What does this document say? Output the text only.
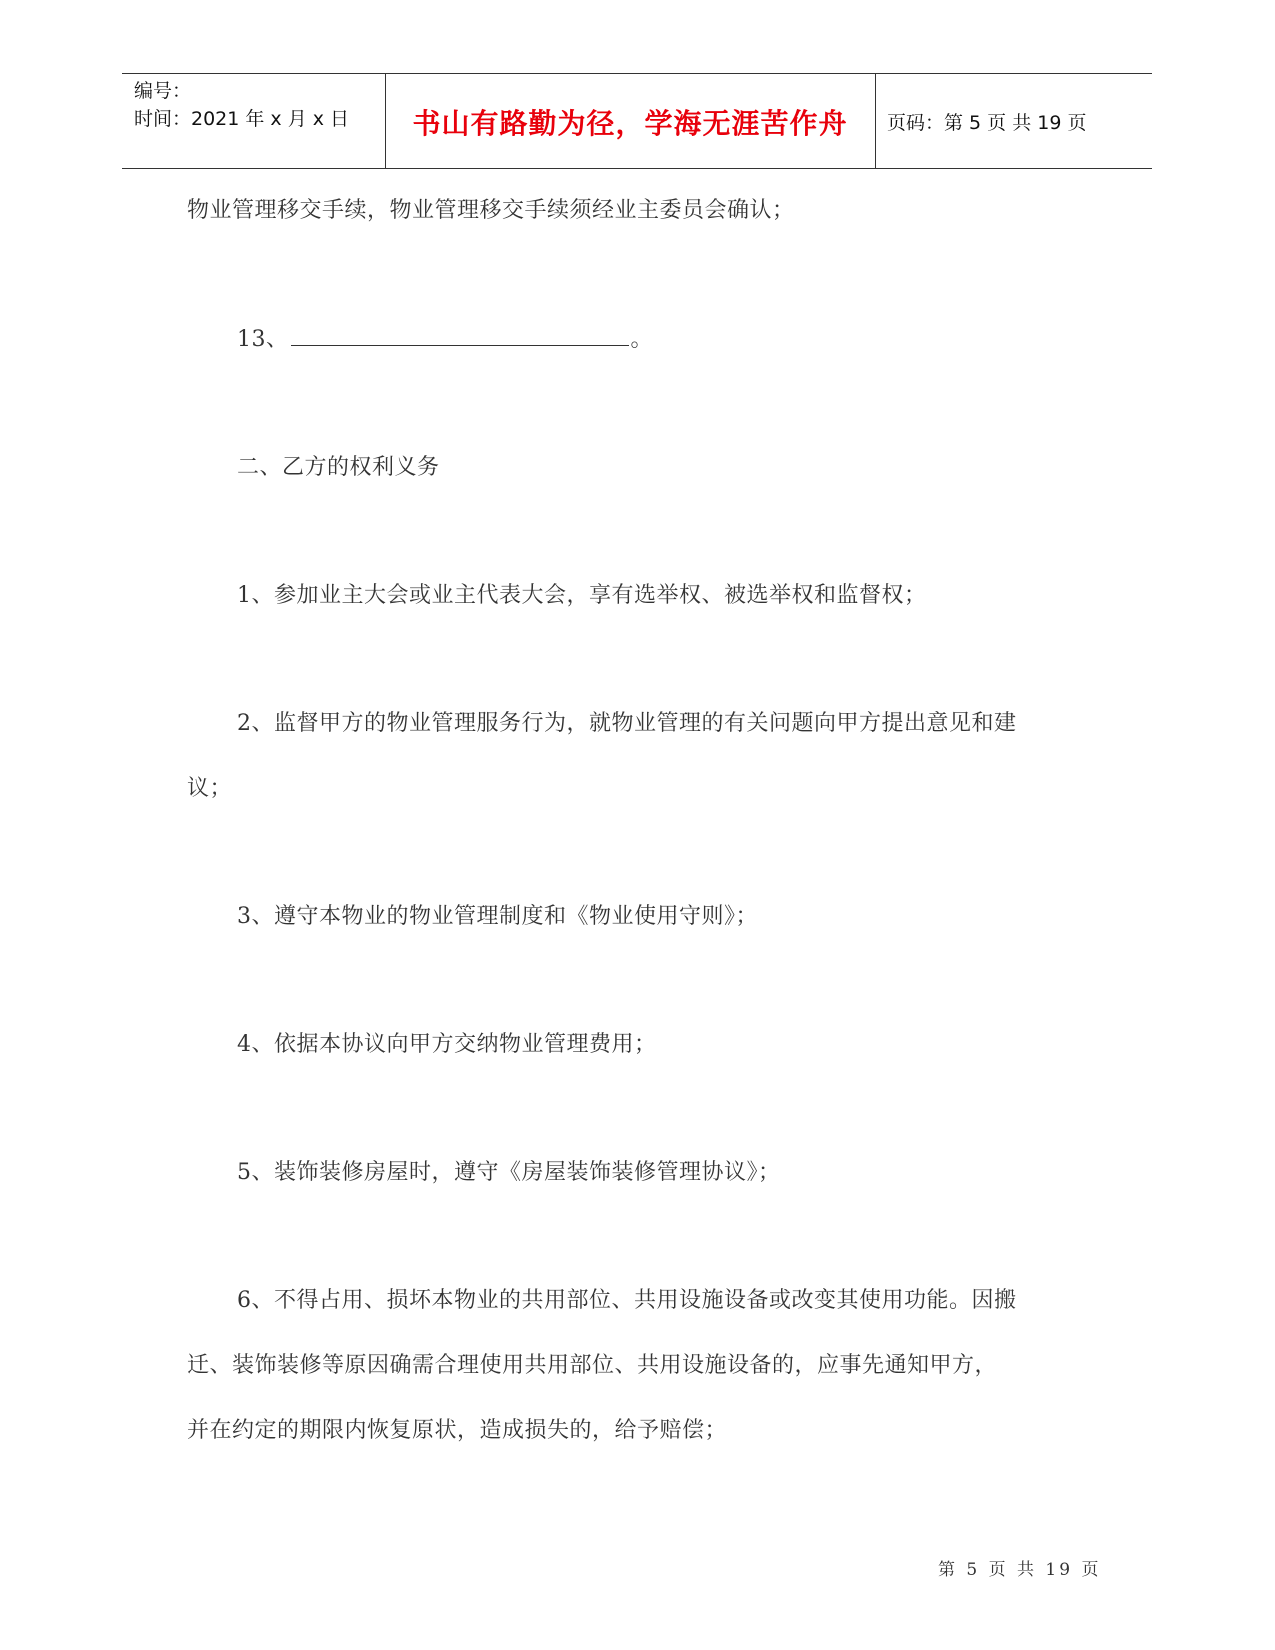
编号：
时间：2021 年 x 月 x 日	书山有路勤为径，学海无涯苦作舟	页码：第 5 页 共 19 页
物业管理移交手续，物业管理移交手续须经业主委员会确认；
13、	。
二、乙方的权利义务
1、参加业主大会或业主代表大会，享有选举权、被选举权和监督权；
2、监督甲方的物业管理服务行为，就物业管理的有关问题向甲方提出意见和建
议；
3、遵守本物业的物业管理制度和《物业使用守则》；
4、依据本协议向甲方交纳物业管理费用；
5、装饰装修房屋时，遵守《房屋装饰装修管理协议》；
6、不得占用、损坏本物业的共用部位、共用设施设备或改变其使用功能。因搬
迁、装饰装修等原因确需合理使用共用部位、共用设施设备的，应事先通知甲方，
并在约定的期限内恢复原状，造成损失的，给予赔偿；
第 5 页 共 19 页
